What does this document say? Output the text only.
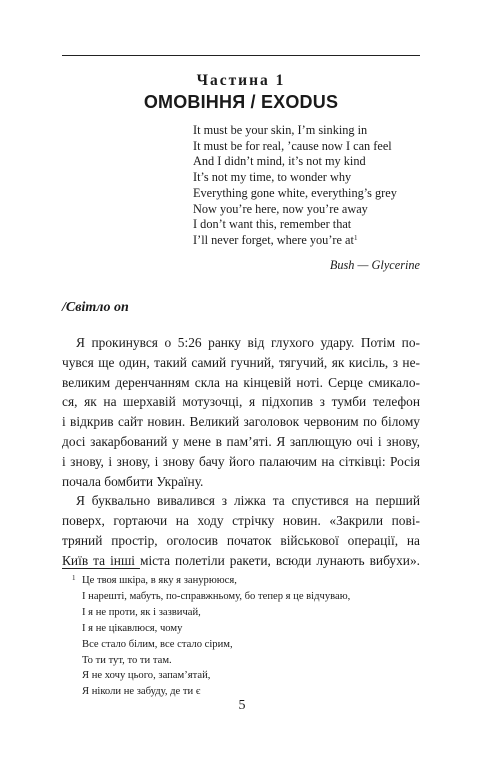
Частина 1
ОМОВІННЯ / EXODUS
It must be your skin, I’m sinking in
It must be for real, ’cause now I can feel
And I didn’t mind, it’s not my kind
It’s not my time, to wonder why
Everything gone white, everything’s grey
Now you’re here, now you’re away
I don’t want this, remember that
I’ll never forget, where you’re $at^1$
Bush — Glycerine
/Світло оn
Я прокинувся о 5:26 ранку від глухого удару. Потім по-
чувся ще один, такий самий гучний, тягучий, як кисіль, з не-
великим деренчанням скла на кінцевій ноті. Серце смикало-
ся, як на шерхавій мотузочці, я підхопив з тумби телефон
і відкрив сайт новин. Великий заголовок червоним по білому
досі закарбований у мене в пам’яті. Я заплющую очі і знову,
і знову, і знову, і знову бачу його палаючим на сітківці: Росія
почала бомбити Україну.
Я буквально вивалився з ліжка та спустився на перший
поверх, гортаючи на ходу стрічку новин. «Закрили пові-
тряний простір, оголосив початок військової операції, на
Київ та інші міста полетіли ракети, всюди лунають вибухи».
1 Це твоя шкіра, в яку я занурююся,
І нарешті, мабуть, по-справжньому, бо тепер я це відчуваю,
І я не проти, як і зазвичай,
І я не цікавлюся, чому
Все стало білим, все стало сірим,
То ти тут, то ти там.
Я не хочу цього, запам’ятай,
Я ніколи не забуду, де ти є
5
